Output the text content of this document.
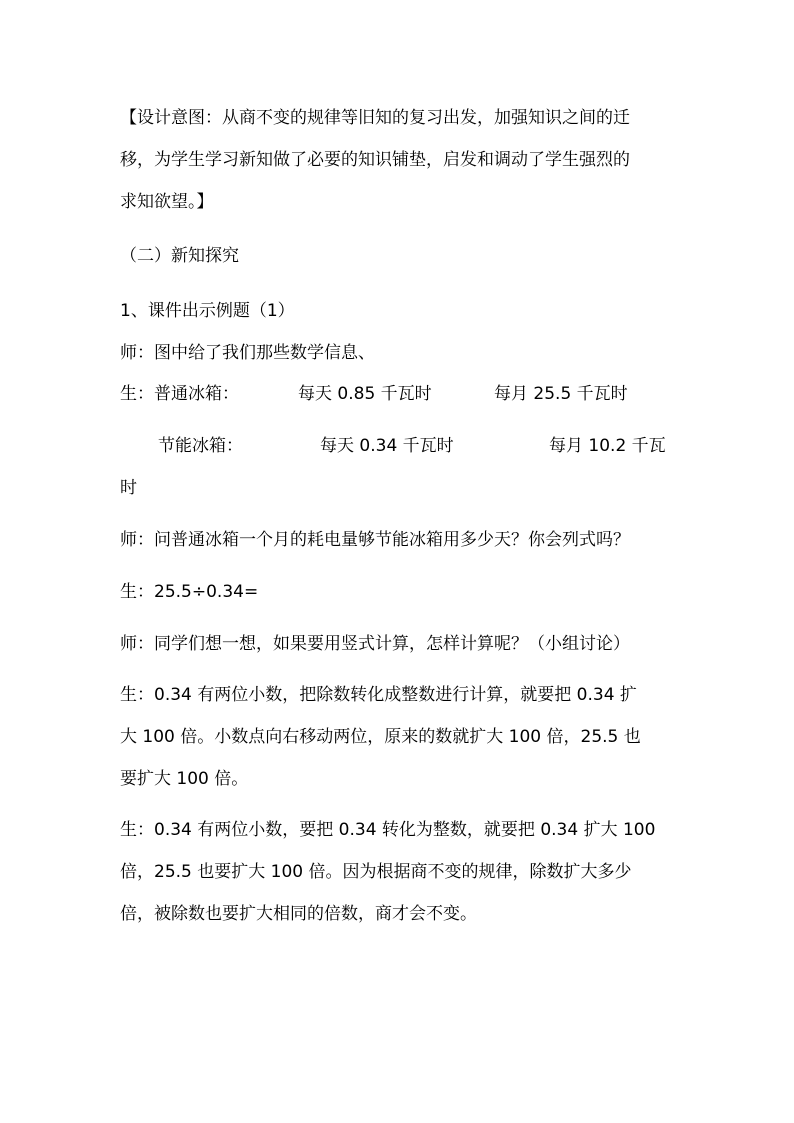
【设计意图：从商不变的规律等旧知的复习出发，加强知识之间的迁
移，为学生学习新知做了必要的知识铺垫，启发和调动了学生强烈的
求知欲望。】
（二）新知探究
1、课件出示例题（1）
师：图中给了我们那些数学信息、
生：普通冰箱：	每天 0.85 千瓦时	每月 25.5 千瓦时
节能冰箱：	每天 0.34 千瓦时	每月 10.2 千瓦
时
师：问普通冰箱一个月的耗电量够节能冰箱用多少天？你会列式吗？
生：25.5÷0.34=
师：同学们想一想，如果要用竖式计算，怎样计算呢？（小组讨论）
生：0.34 有两位小数，把除数转化成整数进行计算，就要把 0.34 扩
大 100 倍。小数点向右移动两位，原来的数就扩大 100 倍，25.5 也
要扩大 100 倍。
生：0.34 有两位小数，要把 0.34 转化为整数，就要把 0.34 扩大 100
倍，25.5 也要扩大 100 倍。因为根据商不变的规律，除数扩大多少
倍，被除数也要扩大相同的倍数，商才会不变。
